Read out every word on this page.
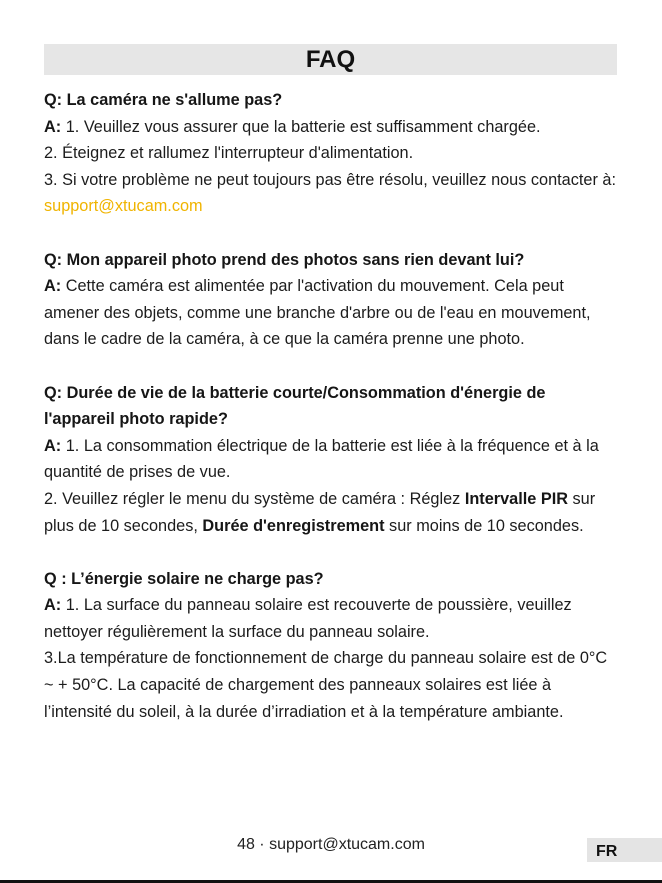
FAQ

Q: La caméra ne s'allume pas?

A: 1. Veuillez vous assurer que la batterie est suffisamment chargée.

2. Éteignez et rallumez l'interrupteur d'alimentation.

3. Si votre problème ne peut toujours pas être résolu, veuillez nous contacter à: support@xtucam.com

Q: Mon appareil photo prend des photos sans rien devant lui?

A: Cette caméra est alimentée par l'activation du mouvement. Cela peut amener des objets, comme une branche d'arbre ou de l'eau en mouvement, dans le cadre de la caméra, à ce que la caméra prenne une photo.

Q: Durée de vie de la batterie courte/Consommation d'énergie de l'appareil photo rapide?

A: 1. La consommation électrique de la batterie est liée à la fréquence et à la quantité de prises de vue.

2. Veuillez régler le menu du système de caméra : Réglez Intervalle PIR sur plus de 10 secondes, Durée d'enregistrement sur moins de 10 secondes.

Q : L’énergie solaire ne charge pas?

A: 1. La surface du panneau solaire est recouverte de poussière, veuillez nettoyer régulièrement la surface du panneau solaire.

3.La température de fonctionnement de charge du panneau solaire est de 0°C ~ + 50°C. La capacité de chargement des panneaux solaires est liée à l’intensité du soleil, à la durée d’irradiation et à la température ambiante.

48 · support@xtucam.com	FR
